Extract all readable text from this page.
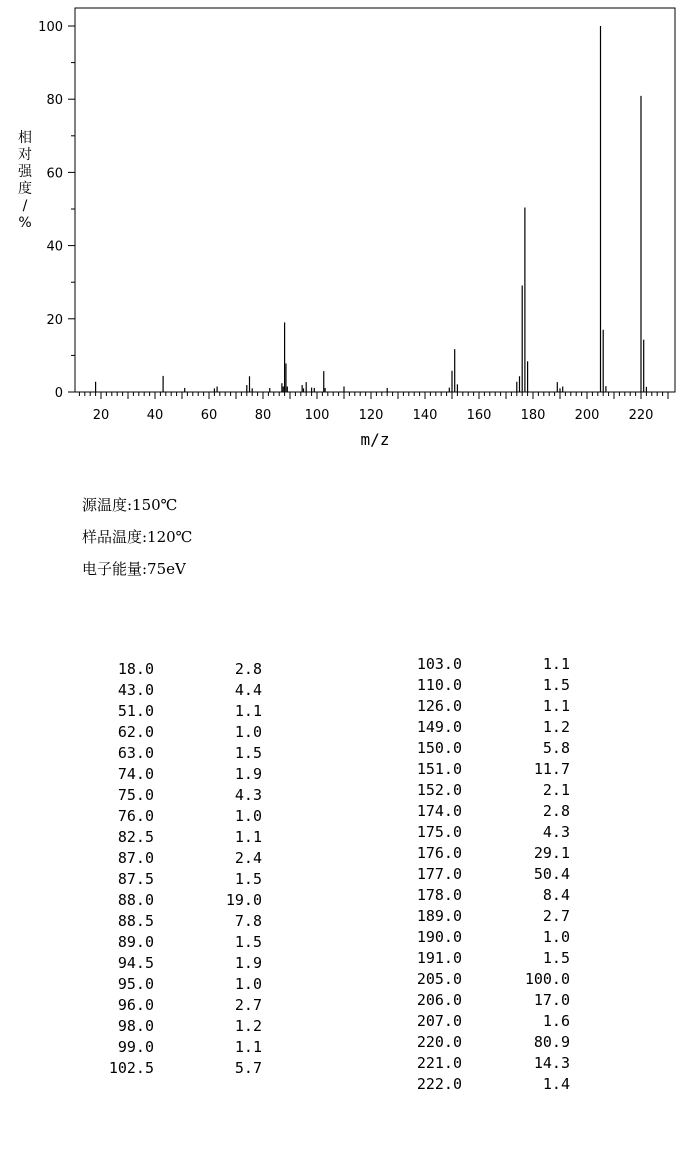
20	40	60	80	100 120 140 160 180 200 220
0
20
40
60
80
100
m/z
相
对
强
度
/
%
源温度:150℃
样品温度:120℃
电子能量:75eV
18.0	2.8
43.0	4.4
51.0	1.1
62.0	1.0
63.0	1.5
74.0	1.9
75.0	4.3
76.0	1.0
82.5	1.1
87.0	2.4
87.5	1.5
88.0	19.0
88.5	7.8
89.0	1.5
94.5	1.9
95.0	1.0
96.0	2.7
98.0	1.2
99.0	1.1
102.5	5.7
103.0	1.1
110.0	1.5
126.0	1.1
149.0	1.2
150.0	5.8
151.0	11.7
152.0	2.1
174.0	2.8
175.0	4.3
176.0	29.1
177.0	50.4
178.0	8.4
189.0	2.7
190.0	1.0
191.0	1.5
205.0	100.0
206.0	17.0
207.0	1.6
220.0	80.9
221.0	14.3
222.0	1.4
